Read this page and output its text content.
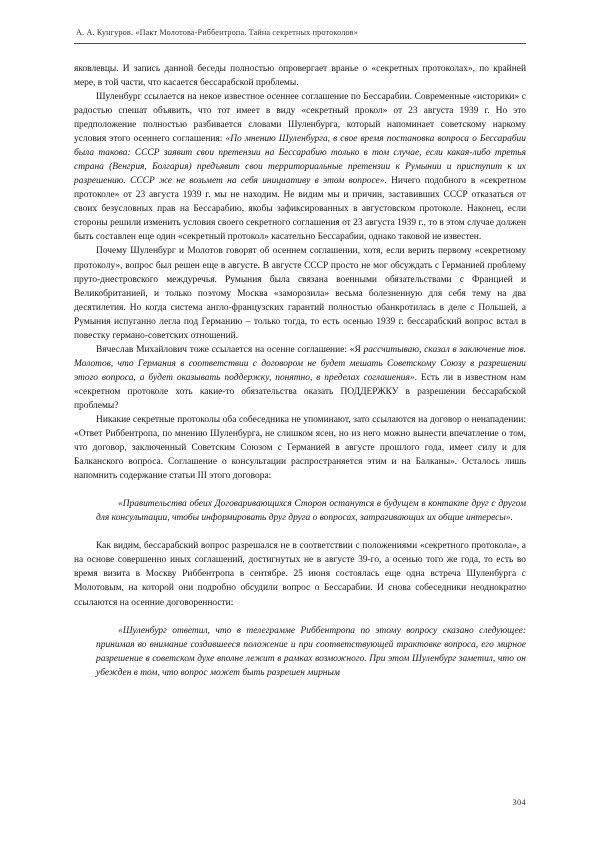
А. А. Кунгуров. «Пакт Молотова-Риббентропа. Тайна секретных протоколов»

яковлевцы. И запись данной беседы полностью опровергает вранье о «секретных протоколах», по крайней мере, в той части, что касается бессарабской проблемы.

Шуленбург ссылается на некое известное осеннее соглашение по Бессарабии. Современные «историки» с радостью спешат объявить, что тот имеет в виду «секретный прокол» от 23 августа 1939 г. Но это предположение полностью разбивается словами Шуленбурга, который напоминает советскому наркому условия этого осеннего соглашения: «По мнению Шуленбурга, в свое время постановка вопроса о Бессарабии была такова: СССР заявит свои претензии на Бессарабию только в том случае, если какая-либо третья страна (Венгрия, Болгария) предъявит свои территориальные претензии к Румынии и приступит к их разрешению. СССР же не возьмет на себя инициативу в этом вопросе». Ничего подобного в «секретном протоколе» от 23 августа 1939 г. мы не находим. Не видим мы и причин, заставивших СССР отказаться от своих безусловных прав на Бессарабию, якобы зафиксированных в августовском протоколе. Наконец, если стороны решили изменить условия своего секретного соглашения от 23 августа 1939 г., то в этом случае должен быть составлен еще один «секретный протокол» касательно Бессарабии, однако таковой не известен.

Почему Шуленбург и Молотов говорят об осеннем соглашении, хотя, если верить первому «секретному протоколу», вопрос был решен еще в августе. В августе СССР просто не мог обсуждать с Германией проблему пруто-днестровского междуречья. Румыния была связана военными обязательствами с Францией и Великобританией, и только поэтому Москва «заморозила» весьма болезненную для себя тему на два десятилетия. Но когда система англо-французских гарантий полностью обанкротилась в деле с Польшей, а Румыния испуганно легла под Германию – только тогда, то есть осенью 1939 г. бессарабский вопрос встал в повестку германо-советских отношений.

Вячеслав Михайлович тоже ссылается на осенне соглашение: «Я рассчитываю, сказал в заключение тов. Молотов, что Германия в соответствии с договором не будет мешать Советскому Союзу в разрешении этого вопроса, а будет оказывать поддержку, понятно, в пределах соглашения». Есть ли в известном нам «секретном протоколе хоть какие-то обязательства оказать ПОДДЕРЖКУ в разрешении бессарабской проблемы?

Никакие секретные протоколы оба собеседника не упоминают, зато ссылаются на договор о ненападении: «Ответ Риббентропа, по мнению Шуленбурга, не слишком ясен, но из него можно вынести впечатление о том, что договор, заключенный Советским Союзом с Германией в августе прошлого года, имеет силу и для Балканского вопроса. Соглашение о консультации распространяется этим и на Балканы». Осталось лишь напомнить содержание статьи III этого договора:

«Правительства обеих Договаривающихся Сторон останутся в будущем в контакте друг с другом для консультации, чтобы информировать друг друга о вопросах, затрагивающих их общие интересы».

Как видим, бессарабский вопрос разрешался не в соответствии с положениями «секретного протокола», а на основе совершенно иных соглашений, достигнутых не в августе 39-го, а осенью того же года, то есть во время визита в Москву Риббентропа в сентябре. 25 июня состоялась еще одна встреча Шуленбурга с Молотовым, на которой они подробно обсудили вопрос о Бессарабии. И снова собеседники неоднократно ссылаются на осенние договоренности:

«Шуленбург ответил, что в телеграмме Риббентропа по этому вопросу сказано следующее: принимая во внимание создавшееся положение и при соответствующей трактовке вопроса, его мирное разрешение в советском духе вполне лежит в рамках возможного. При этом Шуленбург заметил, что он убежден в том, что вопрос может быть разрешен мирным

304
